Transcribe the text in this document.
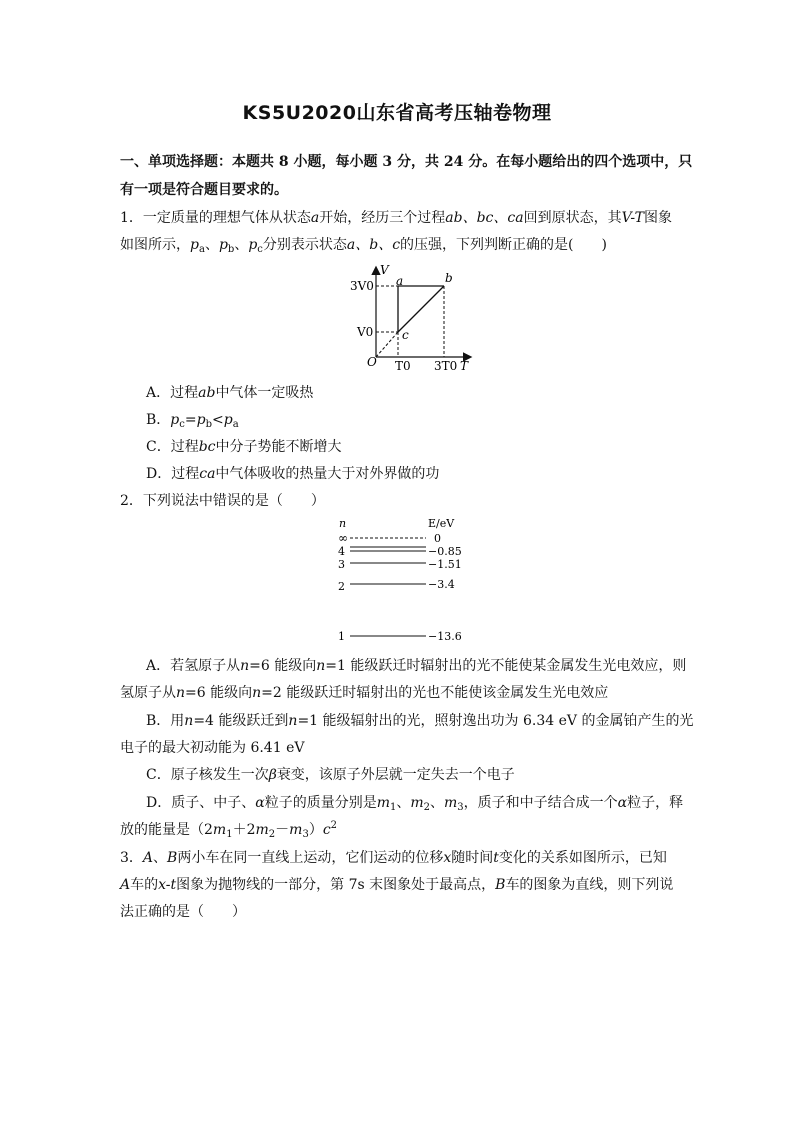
KS5U2020山东省高考压轴卷物理
一、单项选择题：本题共 8 小题，每小题 3 分，共 24 分。在每小题给出的四个选项中，只
有一项是符合题目要求的。
1．一定质量的理想气体从状态a开始，经历三个过程ab、bc、ca回到原状态，其V-T图象
如图所示，$p_a$、$p_b$、$p_c$分别表示状态a、b、c的压强，下列判断正确的是(　　)
V
T
O
3V0
V0
T0 3T0
a	b
c
A．过程ab中气体一定吸热
B．$p_c=p_b<p_a$
C．过程bc中分子势能不断增大
D．过程ca中气体吸收的热量大于对外界做的功
2．下列说法中错误的是（　　）
n	E/eV
∞	0
4	−0.85
3	−1.51
2	−3.4
1	−13.6
A．若氢原子从n=6 能级向n=1 能级跃迁时辐射出的光不能使某金属发生光电效应，则
氢原子从n=6 能级向n=2 能级跃迁时辐射出的光也不能使该金属发生光电效应
B．用n=4 能级跃迁到n=1 能级辐射出的光，照射逸出功为 6.34 eV 的金属铂产生的光
电子的最大初动能为 6.41 eV
C．原子核发生一次β衰变，该原子外层就一定失去一个电子
D．质子、中子、α粒子的质量分别是$m_1$、$m_2$、$m_3$，质子和中子结合成一个α粒子，释
放的能量是$(2m_1+2m_2-m_3)c^2$
3．A、B两小车在同一直线上运动，它们运动的位移x随时间t变化的关系如图所示，已知
A车的x-t图象为抛物线的一部分，第 7s 末图象处于最高点，B车的图象为直线，则下列说
法正确的是（　　）
